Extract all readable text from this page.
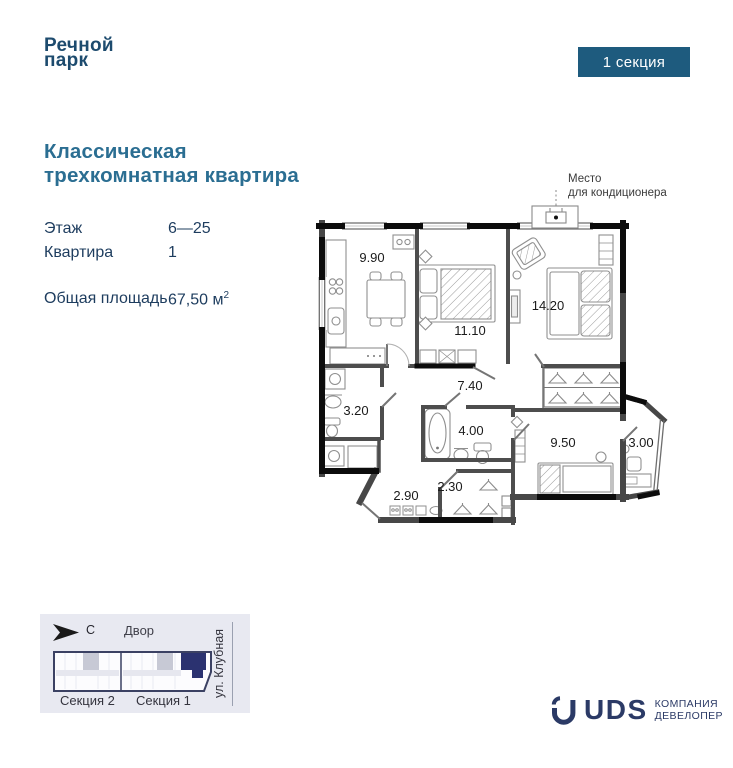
Речной
парк	1 секция
Классическая
трехкомнатная квартира
Этаж	6—25
Квартира	1
Общая площадь 67,50 $м^2$
Место
для кондиционера
9.90
11.10
14.20
7.40
3.20
4.00
9.50	3.00
2.90
2.30
С Двор
Секция 2 Секция 1
ул. Клубная
UDS КОМПАНИЯ
ДЕВЕЛОПЕР
